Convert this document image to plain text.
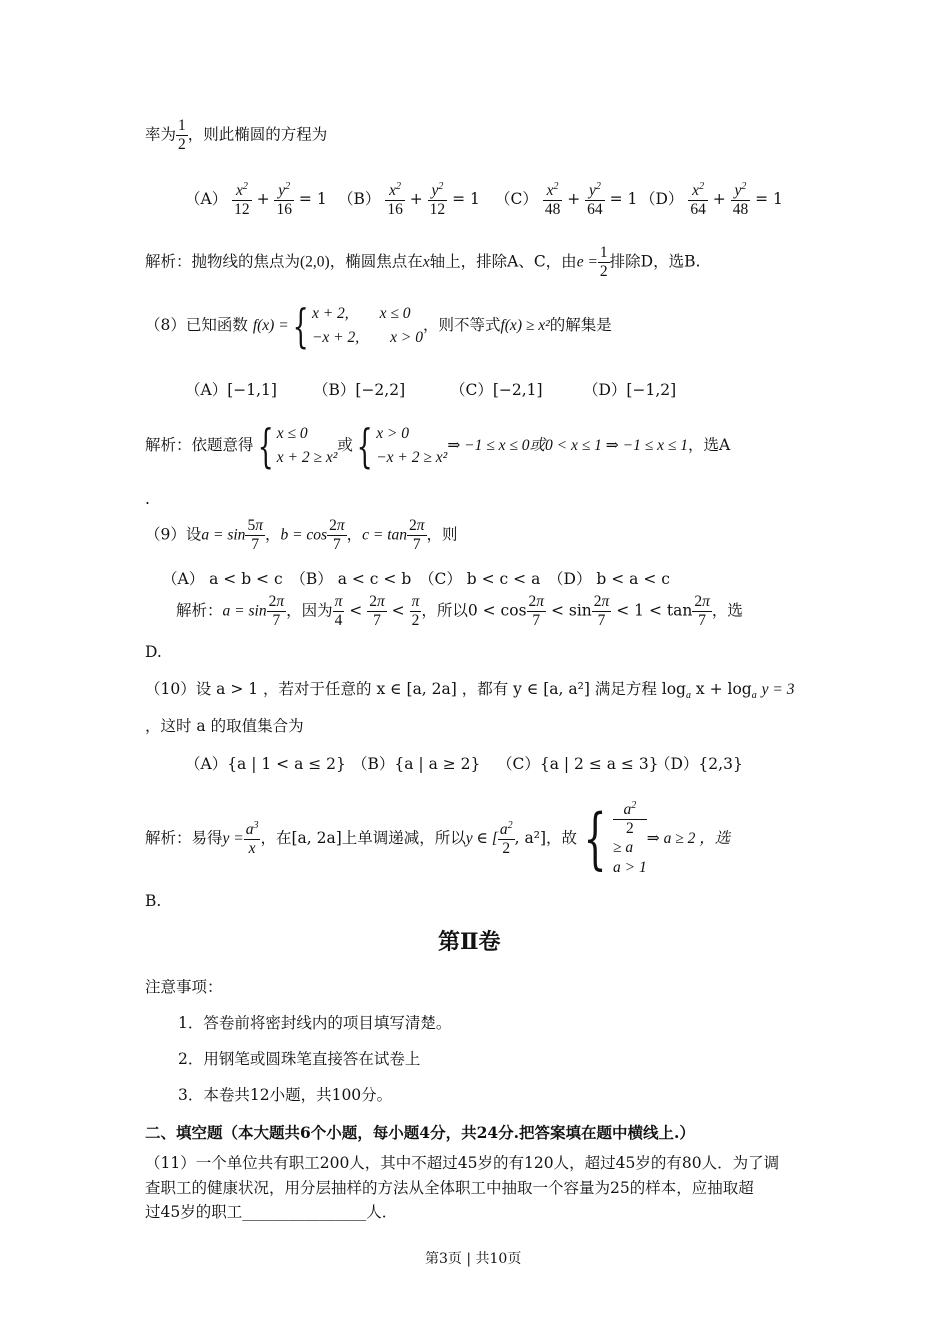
率为 $\frac{1}{2}$ ，则此椭圆的方程为
$(A) \frac{x^2}{12} + \frac{y^2}{16} = 1$ $(B) \frac{x^2}{16} + \frac{y^2}{12} = 1$ $(C) \frac{x^2}{48} + \frac{y^2}{64} = 1$ $(D) \frac{x^2}{64} + \frac{y^2}{48} = 1$
解析：抛物线的焦点为(2,0)，椭圆焦点在x轴上，排除A、C，由$e = \frac{1}{2}$ 排除D，选B.
（8）已知函数 f(x) ={ x + 2,　　x ≤ 0
−x + 2,　　x > 0
，则不等式f(x) ≥ x²的解集是
（A）[−1,1] （B）[−2,2]	（C）[−2,1]	（D）[−1,2]
解析：依题意得{ x ≤ 0
x + 2 ≥ x²
或{ x > 0
−x + 2 ≥ x²
⇒ −1 ≤ x ≤ 0或0 < x ≤ 1 ⇒ −1 ≤ x ≤ 1，选A
.
（9）设$a = \sin \frac{5\pi}{7}$ ，$b = \cos \frac{2\pi}{7}$ ，$c = \tan \frac{2\pi}{7}$ ，则
（A） a < b < c　（B） a < c < b　（C） b < c < a　（D） b < a < c
解析：$a = \sin \frac{2\pi}{7}$ ，因为 $\frac{\pi}{4} < \frac{2\pi}{7} < \frac{\pi}{2}$ ，所以$0 < \cos \frac{2\pi}{7} < \sin \frac{2\pi}{7} < 1 < \tan \frac{2\pi}{7}$ ，选
D.
（10）设 a > 1 ，若对于任意的 x ∈ [a, 2a] ，都有 y ∈ [a, a²] 满足方程 $\log_a x + \log_a y = 3$
，这时 a 的取值集合为
（A）{a | 1 < a ≤ 2} （B）{a | a ≥ 2} （C）{a | 2 ≤ a ≤ 3}
（D）{2,3}
解析：易得$y = \frac{a^3}{x}$ ，在[a, 2a]上单调递减，所以y ∈ [ $\frac{a^2}{2}$ , a²]，故{	$a^2$
2
≥ a
a > 1
⇒ a ≥ 2 ，选
B.
第Ⅱ卷
注意事项：
1．答卷前将密封线内的项目填写清楚。
2．用钢笔或圆珠笔直接答在试卷上
3．本卷共12小题，共100分。
二、填空题（本大题共6个小题，每小题4分，共24分.把答案填在题中横线上.）
（11）一个单位共有职工200人，其中不超过45岁的有120人，超过45岁的有80人．为了调
查职工的健康状况，用分层抽样的方法从全体职工中抽取一个容量为25的样本，应抽取超
过45岁的职工________________人．
第3页 | 共10页
